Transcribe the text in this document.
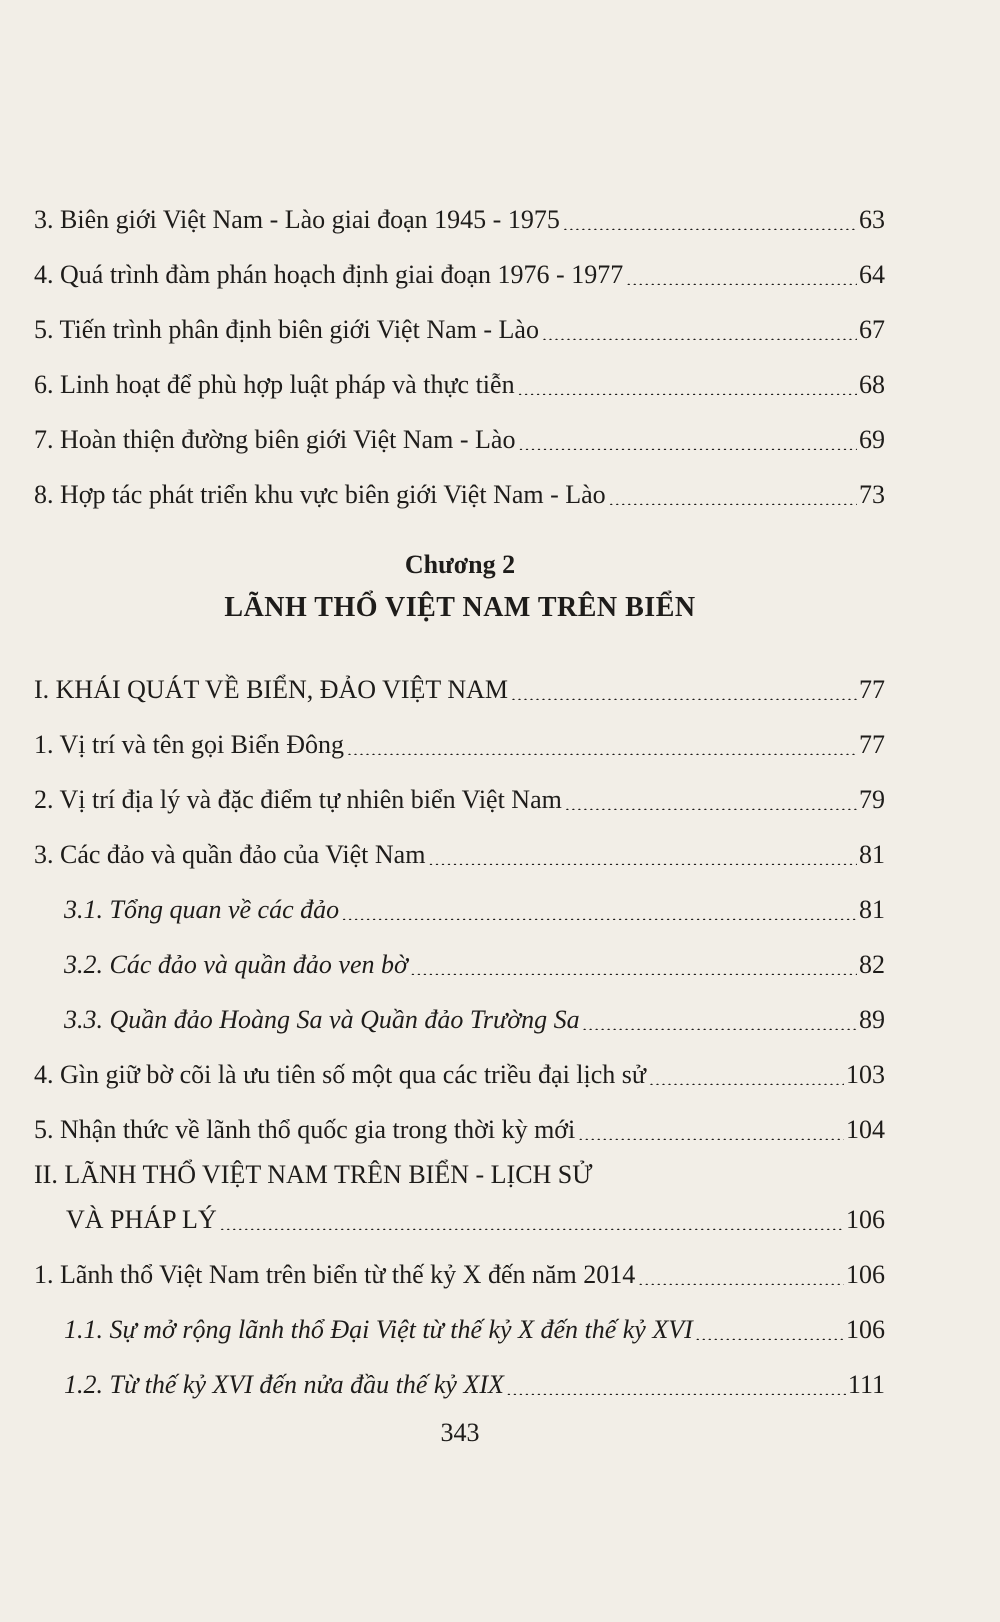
3. Biên giới Việt Nam - Lào giai đoạn 1945 - 1975 .....	63
4. Quá trình đàm phán hoạch định giai đoạn 1976 - 1977 .....	64
5. Tiến trình phân định biên giới Việt Nam - Lào .....	67
6. Linh hoạt để phù hợp luật pháp và thực tiễn .....	68
7. Hoàn thiện đường biên giới Việt Nam - Lào .....	69
8. Hợp tác phát triển khu vực biên giới Việt Nam - Lào .....	73
Chương 2
LÃNH THỔ VIỆT NAM TRÊN BIỂN
I. KHÁI QUÁT VỀ BIỂN, ĐẢO VIỆT NAM .....	77
1. Vị trí và tên gọi Biển Đông .....	77
2. Vị trí địa lý và đặc điểm tự nhiên biển Việt Nam .....	79
3. Các đảo và quần đảo của Việt Nam .....	81
3.1. Tổng quan về các đảo .....	81
3.2. Các đảo và quần đảo ven bờ .....	82
3.3. Quần đảo Hoàng Sa và Quần đảo Trường Sa .....	89
4. Gìn giữ bờ cõi là ưu tiên số một qua các triều đại lịch sử .....	103
5. Nhận thức về lãnh thổ quốc gia trong thời kỳ mới .....	104
II. LÃNH THỔ VIỆT NAM TRÊN BIỂN - LỊCH SỬ
VÀ PHÁP LÝ .....	106
1. Lãnh thổ Việt Nam trên biển từ thế kỷ X đến năm 2014 .....	106
1.1. Sự mở rộng lãnh thổ Đại Việt từ thế kỷ X đến thế kỷ XVI .....	106
1.2. Từ thế kỷ XVI đến nửa đầu thế kỷ XIX .....	111
343
